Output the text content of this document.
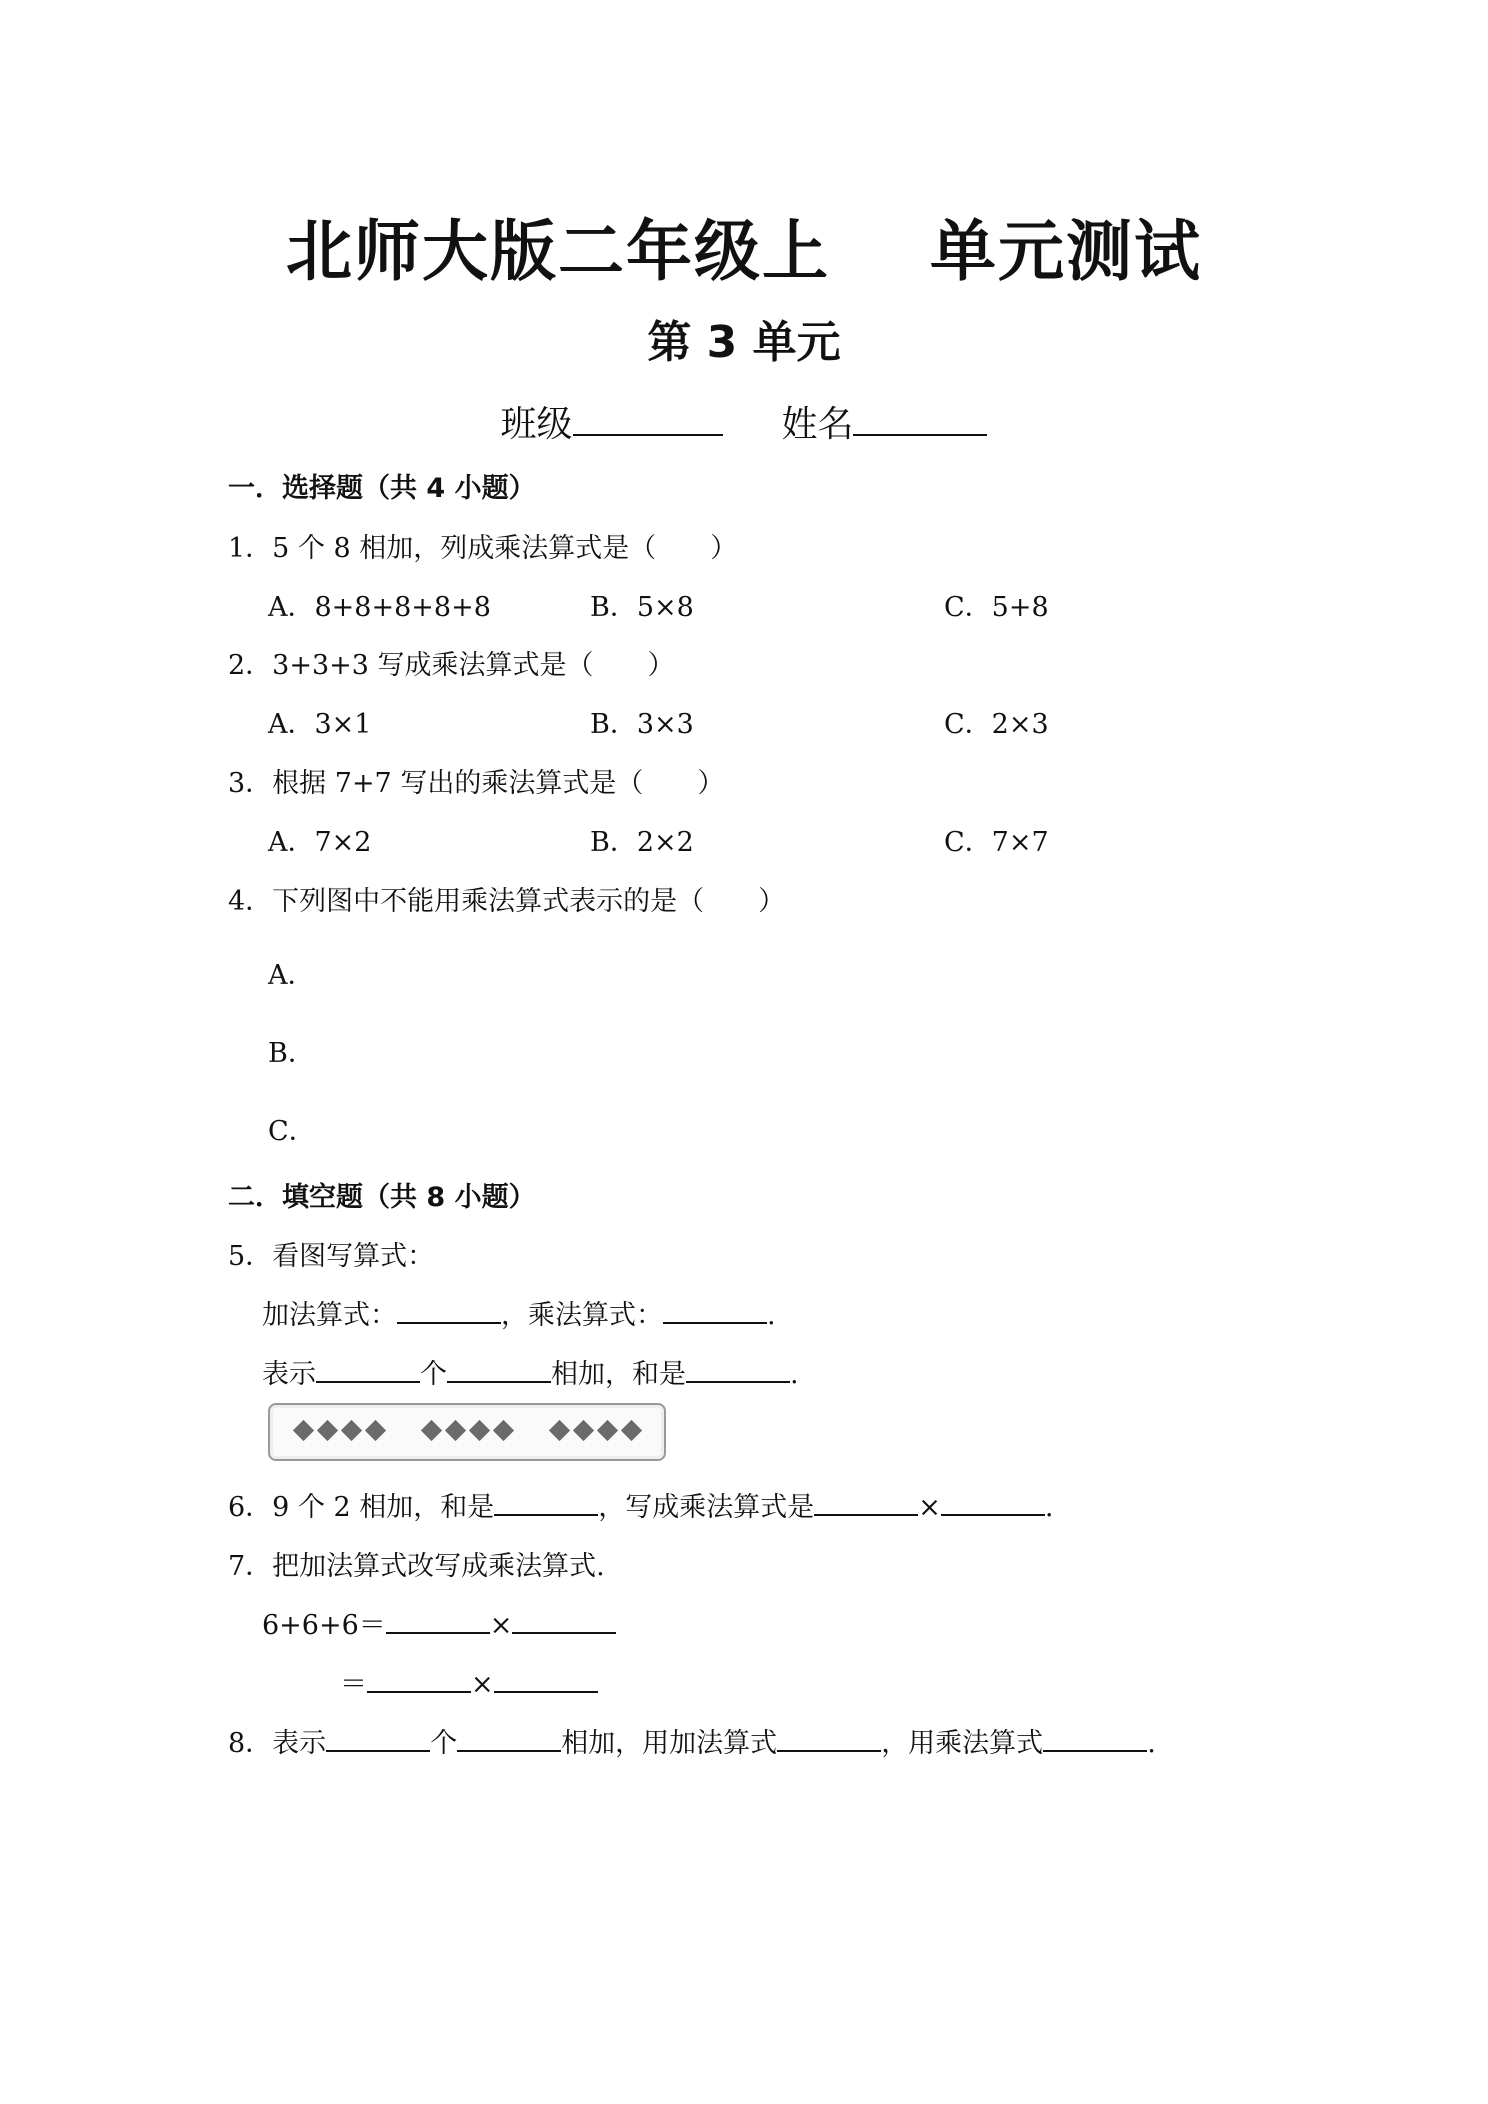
北师大版二年级上 单元测试
第 3 单元
班级	姓名
一．选择题（共 4 小题）
1．5 个 8 相加，列成乘法算式是（　　）
A．8+8+8+8+8	B．5×8	C．5+8
2．3+3+3 写成乘法算式是（　　）
A．3×1	B．3×3	C．2×3
3．根据 7+7 写出的乘法算式是（　　）
A．7×2	B．2×2	C．7×7
4．下列图中不能用乘法算式表示的是（　　）
A．
B．
C．
二．填空题（共 8 小题）
5．看图写算式：
加法算式：	，乘法算式：	.
表示	个	相加，和是	.
6．9 个 2 相加，和是	，写成乘法算式是	×	.
7．把加法算式改写成乘法算式.
6+6+6＝	×
＝	×
8．表示	个	相加，用加法算式	，用乘法算式	.
